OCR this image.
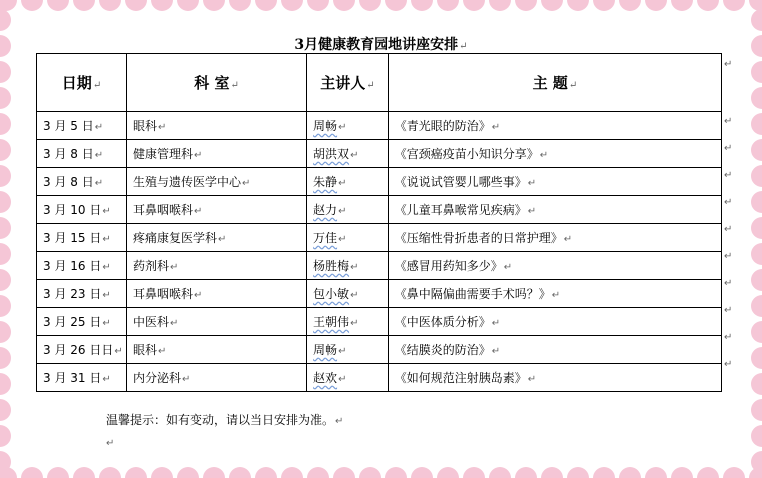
3月健康教育园地讲座安排↵
日期↵	科 室↵	主讲人↵	主 题↵
3 月 5 日↵	眼科↵	周畅↵	《青光眼的防治》↵
3 月 8 日↵	健康管理科↵	胡洪双↵	《宫颈癌疫苗小知识分享》↵
3 月 8 日↵	生殖与遗传医学中心↵	朱静↵	《说说试管婴儿哪些事》↵
3 月 10 日↵	耳鼻咽喉科↵	赵力↵	《儿童耳鼻喉常见疾病》↵
3 月 15 日↵	疼痛康复医学科↵	万佳↵	《压缩性骨折患者的日常护理》↵
3 月 16 日↵	药剂科↵	杨胜梅↵	《感冒用药知多少》↵
3 月 23 日↵	耳鼻咽喉科↵	包小敏↵	《鼻中隔偏曲需要手术吗？》↵
3 月 25 日↵	中医科↵	王朝伟↵	《中医体质分析》↵
3 月 26 日日↵	眼科↵	周畅↵	《结膜炎的防治》↵
3 月 31 日↵	内分泌科↵	赵欢↵	《如何规范注射胰岛素》↵
↵
↵
↵
↵
↵
↵
↵
↵
↵
↵
↵
温馨提示：如有变动，请以当日安排为准。↵
↵
